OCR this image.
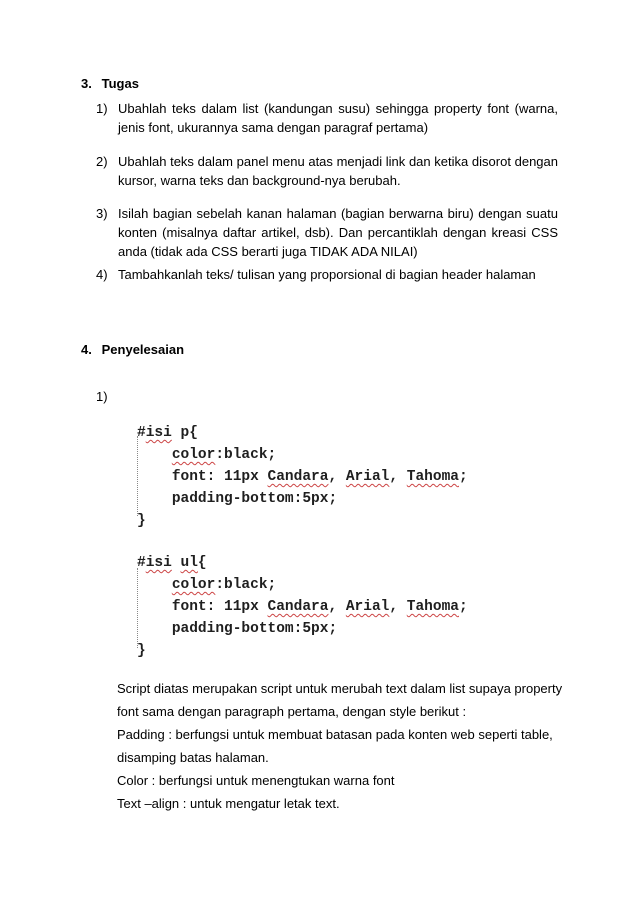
3. Tugas
1) Ubahlah teks dalam list (kandungan susu) sehingga property font (warna, jenis font, ukurannya sama dengan paragraf pertama)
2) Ubahlah teks dalam panel menu atas menjadi link dan ketika disorot dengan kursor, warna teks dan background-nya berubah.
3) Isilah bagian sebelah kanan halaman (bagian berwarna biru) dengan suatu konten (misalnya daftar artikel, dsb). Dan percantiklah dengan kreasi CSS anda (tidak ada CSS berarti juga TIDAK ADA NILAI)
4) Tambahkanlah teks/ tulisan yang proporsional di bagian header halaman
4. Penyelesaian
1)
#isi p{
color:black;
font: 11px Candara, Arial, Tahoma;
padding-bottom:5px;
}
#isi ul{
color:black;
font: 11px Candara, Arial, Tahoma;
padding-bottom:5px;
}
Script diatas merupakan script untuk merubah text dalam list supaya property
font sama dengan paragraph pertama, dengan style berikut :
Padding : berfungsi untuk membuat batasan pada konten web seperti table,
disamping batas halaman.
Color : berfungsi untuk menengtukan warna font
Text –align : untuk mengatur letak text.
